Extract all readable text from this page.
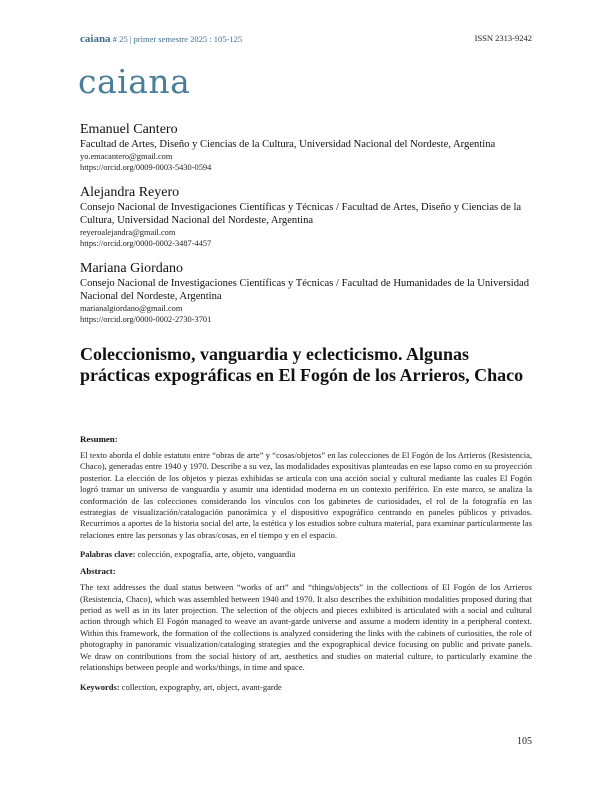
caiana # 25 | primer semestre 2025 : 105-125	ISSN 2313-9242
caiana
Emanuel Cantero
Facultad de Artes, Diseño y Ciencias de la Cultura, Universidad Nacional del Nordeste, Argentina
yo.emacantero@gmail.com
https://orcid.org/0009-0003-5430-0594
Alejandra Reyero
Consejo Nacional de Investigaciones Científicas y Técnicas / Facultad de Artes, Diseño y Ciencias de la Cultura, Universidad Nacional del Nordeste, Argentina
reyeroalejandra@gmail.com
https://orcid.org/0000-0002-3487-4457
Mariana Giordano
Consejo Nacional de Investigaciones Científicas y Técnicas / Facultad de Humanidades de la Universidad Nacional del Nordeste, Argentina
marianalgiordano@gmail.com
https://orcid.org/0000-0002-2730-3701
Coleccionismo, vanguardia y eclecticismo. Algunas prácticas expográficas en El Fogón de los Arrieros, Chaco

Resumen:

El texto aborda el doble estatuto entre “obras de arte” y “cosas/objetos” en las colecciones de El Fogón de los Arrieros (Resistencia, Chaco), generadas entre 1940 y 1970. Describe a su vez, las modalidades expositivas planteadas en ese lapso como en su proyección posterior. La elección de los objetos y piezas exhibidas se articula con una acción social y cultural mediante las cuales El Fogón logró tramar un universo de vanguardia y asumir una identidad moderna en un contexto periférico. En este marco, se analiza la conformación de las colecciones considerando los vínculos con los gabinetes de curiosidades, el rol de la fotografía en las estrategias de visualización/catalogación panorámica y el dispositivo expográfico centrando en paneles públicos y privados. Recurrimos a aportes de la historia social del arte, la estética y los estudios sobre cultura material, para examinar particularmente las relaciones entre las personas y las obras/cosas, en el tiempo y en el espacio.

Palabras clave: colección, expografía, arte, objeto, vanguardia

Abstract:

The text addresses the dual status between “works of art” and “things/objects” in the collections of El Fogón de los Arrieros (Resistencia, Chaco), which was assembled between 1940 and 1970. It also describes the exhibition modalities proposed during that period as well as in its later projection. The selection of the objects and pieces exhibited is articulated with a social and cultural action through which El Fogón managed to weave an avant-garde universe and assume a modern identity in a peripheral context. Within this framework, the formation of the collections is analyzed considering the links with the cabinets of curiosities, the role of photography in panoramic visualization/cataloging strategies and the expographical device focusing on public and private panels. We draw on contributions from the social history of art, aesthetics and studies on material culture, to particularly examine the relationships between people and works/things, in time and space.

Keywords: collection, expography, art, object, avant-garde

105
